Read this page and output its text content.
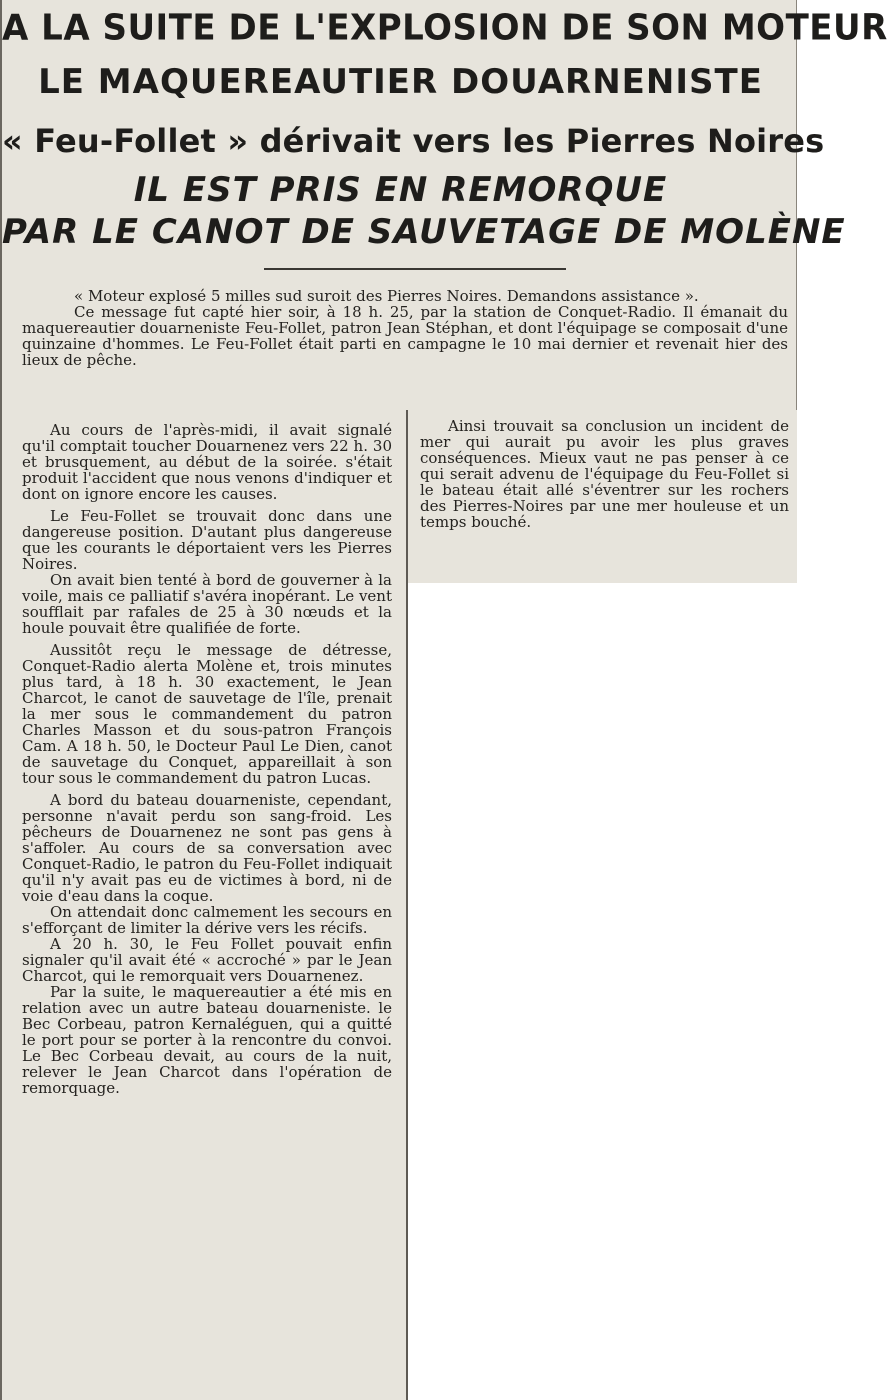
A LA SUITE DE L'EXPLOSION DE SON MOTEUR
LE MAQUEREAUTIER DOUARNENISTE
« Feu-Follet » dérivait vers les Pierres Noires
IL EST PRIS EN REMORQUE
PAR LE CANOT DE SAUVETAGE DE MOLÈNE

« Moteur explosé 5 milles sud suroit des Pierres Noires. Demandons assistance ».

Ce message fut capté hier soir, à 18 h. 25, par la station de Conquet-Radio. Il émanait du maquereautier douarneniste Feu-Follet, patron Jean Stéphan, et dont l'équipage se composait d'une quinzaine d'hommes. Le Feu-Follet était parti en campagne le 10 mai dernier et revenait hier des lieux de pêche.

Au cours de l'après-midi, il avait signalé qu'il comptait toucher Douarnenez vers 22 h. 30 et brusquement, au début de la soirée. s'était produit l'accident que nous venons d'indiquer et dont on ignore encore les causes.

Le Feu-Follet se trouvait donc dans une dangereuse position. D'autant plus dangereuse que les courants le déportaient vers les Pierres Noires.

On avait bien tenté à bord de gouverner à la voile, mais ce palliatif s'avéra inopérant. Le vent soufflait par rafales de 25 à 30 nœuds et la houle pouvait être qualifiée de forte.

Aussitôt reçu le message de détresse, Conquet-Radio alerta Molène et, trois minutes plus tard, à 18 h. 30 exactement, le Jean Charcot, le canot de sauvetage de l'île, prenait la mer sous le commandement du patron Charles Masson et du sous-patron François Cam. A 18 h. 50, le Docteur Paul Le Dien, canot de sauvetage du Conquet, appareillait à son tour sous le commandement du patron Lucas.

A bord du bateau douarneniste, cependant, personne n'avait perdu son sang-froid. Les pêcheurs de Douarnenez ne sont pas gens à s'affoler. Au cours de sa conversation avec Conquet-Radio, le patron du Feu-Follet indiquait qu'il n'y avait pas eu de victimes à bord, ni de voie d'eau dans la coque.

On attendait donc calmement les secours en s'efforçant de limiter la dérive vers les récifs.

A 20 h. 30, le Feu Follet pouvait enfin signaler qu'il avait été « accroché » par le Jean Charcot, qui le remorquait vers Douarnenez.

Par la suite, le maquereautier a été mis en relation avec un autre bateau douarneniste. le Bec Corbeau, patron Kernaléguen, qui a quitté le port pour se porter à la rencontre du convoi. Le Bec Corbeau devait, au cours de la nuit, relever le Jean Charcot dans l'opération de remorquage.

Ainsi trouvait sa conclusion un incident de mer qui aurait pu avoir les plus graves conséquences. Mieux vaut ne pas penser à ce qui serait advenu de l'équipage du Feu-Follet si le bateau était allé s'éventrer sur les rochers des Pierres-Noires par une mer houleuse et un temps bouché.
